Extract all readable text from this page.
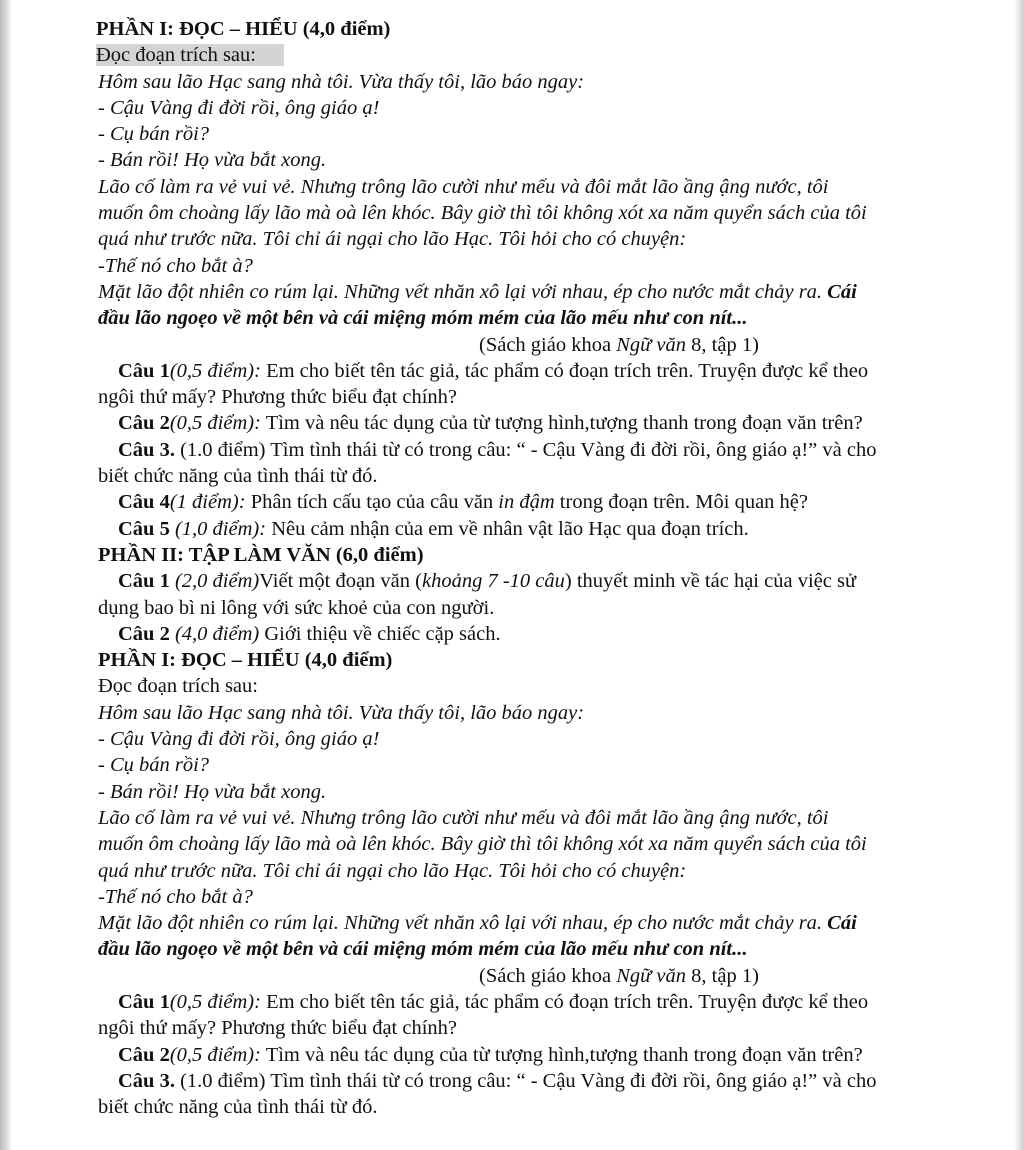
PHẦN I: ĐỌC – HIỂU (4,0 điểm)
Đọc đoạn trích sau:
Hôm sau lão Hạc sang nhà tôi. Vừa thấy tôi, lão báo ngay:
- Cậu Vàng đi đời rồi, ông giáo ạ!
- Cụ bán rồi?
- Bán rồi! Họ vừa bắt xong.
Lão cố làm ra vẻ vui vẻ. Nhưng trông lão cười như mếu và đôi mắt lão ầng ậng nước, tôi
muốn ôm choàng lấy lão mà oà lên khóc. Bây giờ thì tôi không xót xa năm quyển sách của tôi
quá như trước nữa. Tôi chỉ ái ngại cho lão Hạc. Tôi hỏi cho có chuyện:
-Thế nó cho bắt à?
Mặt lão đột nhiên co rúm lại. Những vết nhăn xô lại với nhau, ép cho nước mắt chảy ra. Cái
đầu lão ngoẹo về một bên và cái miệng móm mém của lão mếu như con nít...
(Sách giáo khoa Ngữ văn 8, tập 1)
Câu 1(0,5 điểm): Em cho biết tên tác giả, tác phẩm có đoạn trích trên. Truyện được kể theo
ngôi thứ mấy? Phương thức biểu đạt chính?
Câu 2(0,5 điểm): Tìm và nêu tác dụng của từ tượng hình,tượng thanh trong đoạn văn trên?
Câu 3. (1.0 điểm) Tìm tình thái từ có trong câu: “ - Cậu Vàng đi đời rồi, ông giáo ạ!” và cho
biết chức năng của tình thái từ đó.
Câu 4(1 điểm): Phân tích cấu tạo của câu văn in đậm trong đoạn trên. Môi quan hệ?
Câu 5 (1,0 điểm): Nêu cảm nhận của em về nhân vật lão Hạc qua đoạn trích.
PHẦN II: TẬP LÀM VĂN (6,0 điểm)
Câu 1 (2,0 điểm)Viết một đoạn văn (khoảng 7 -10 câu) thuyết minh về tác hại của việc sử
dụng bao bì ni lông với sức khoẻ của con người.
Câu 2 (4,0 điểm) Giới thiệu về chiếc cặp sách.
PHẦN I: ĐỌC – HIỂU (4,0 điểm)
Đọc đoạn trích sau:
Hôm sau lão Hạc sang nhà tôi. Vừa thấy tôi, lão báo ngay:
- Cậu Vàng đi đời rồi, ông giáo ạ!
- Cụ bán rồi?
- Bán rồi! Họ vừa bắt xong.
Lão cố làm ra vẻ vui vẻ. Nhưng trông lão cười như mếu và đôi mắt lão ầng ậng nước, tôi
muốn ôm choàng lấy lão mà oà lên khóc. Bây giờ thì tôi không xót xa năm quyển sách của tôi
quá như trước nữa. Tôi chỉ ái ngại cho lão Hạc. Tôi hỏi cho có chuyện:
-Thế nó cho bắt à?
Mặt lão đột nhiên co rúm lại. Những vết nhăn xô lại với nhau, ép cho nước mắt chảy ra. Cái
đầu lão ngoẹo về một bên và cái miệng móm mém của lão mếu như con nít...
(Sách giáo khoa Ngữ văn 8, tập 1)
Câu 1(0,5 điểm): Em cho biết tên tác giả, tác phẩm có đoạn trích trên. Truyện được kể theo
ngôi thứ mấy? Phương thức biểu đạt chính?
Câu 2(0,5 điểm): Tìm và nêu tác dụng của từ tượng hình,tượng thanh trong đoạn văn trên?
Câu 3. (1.0 điểm) Tìm tình thái từ có trong câu: “ - Cậu Vàng đi đời rồi, ông giáo ạ!” và cho
biết chức năng của tình thái từ đó.
